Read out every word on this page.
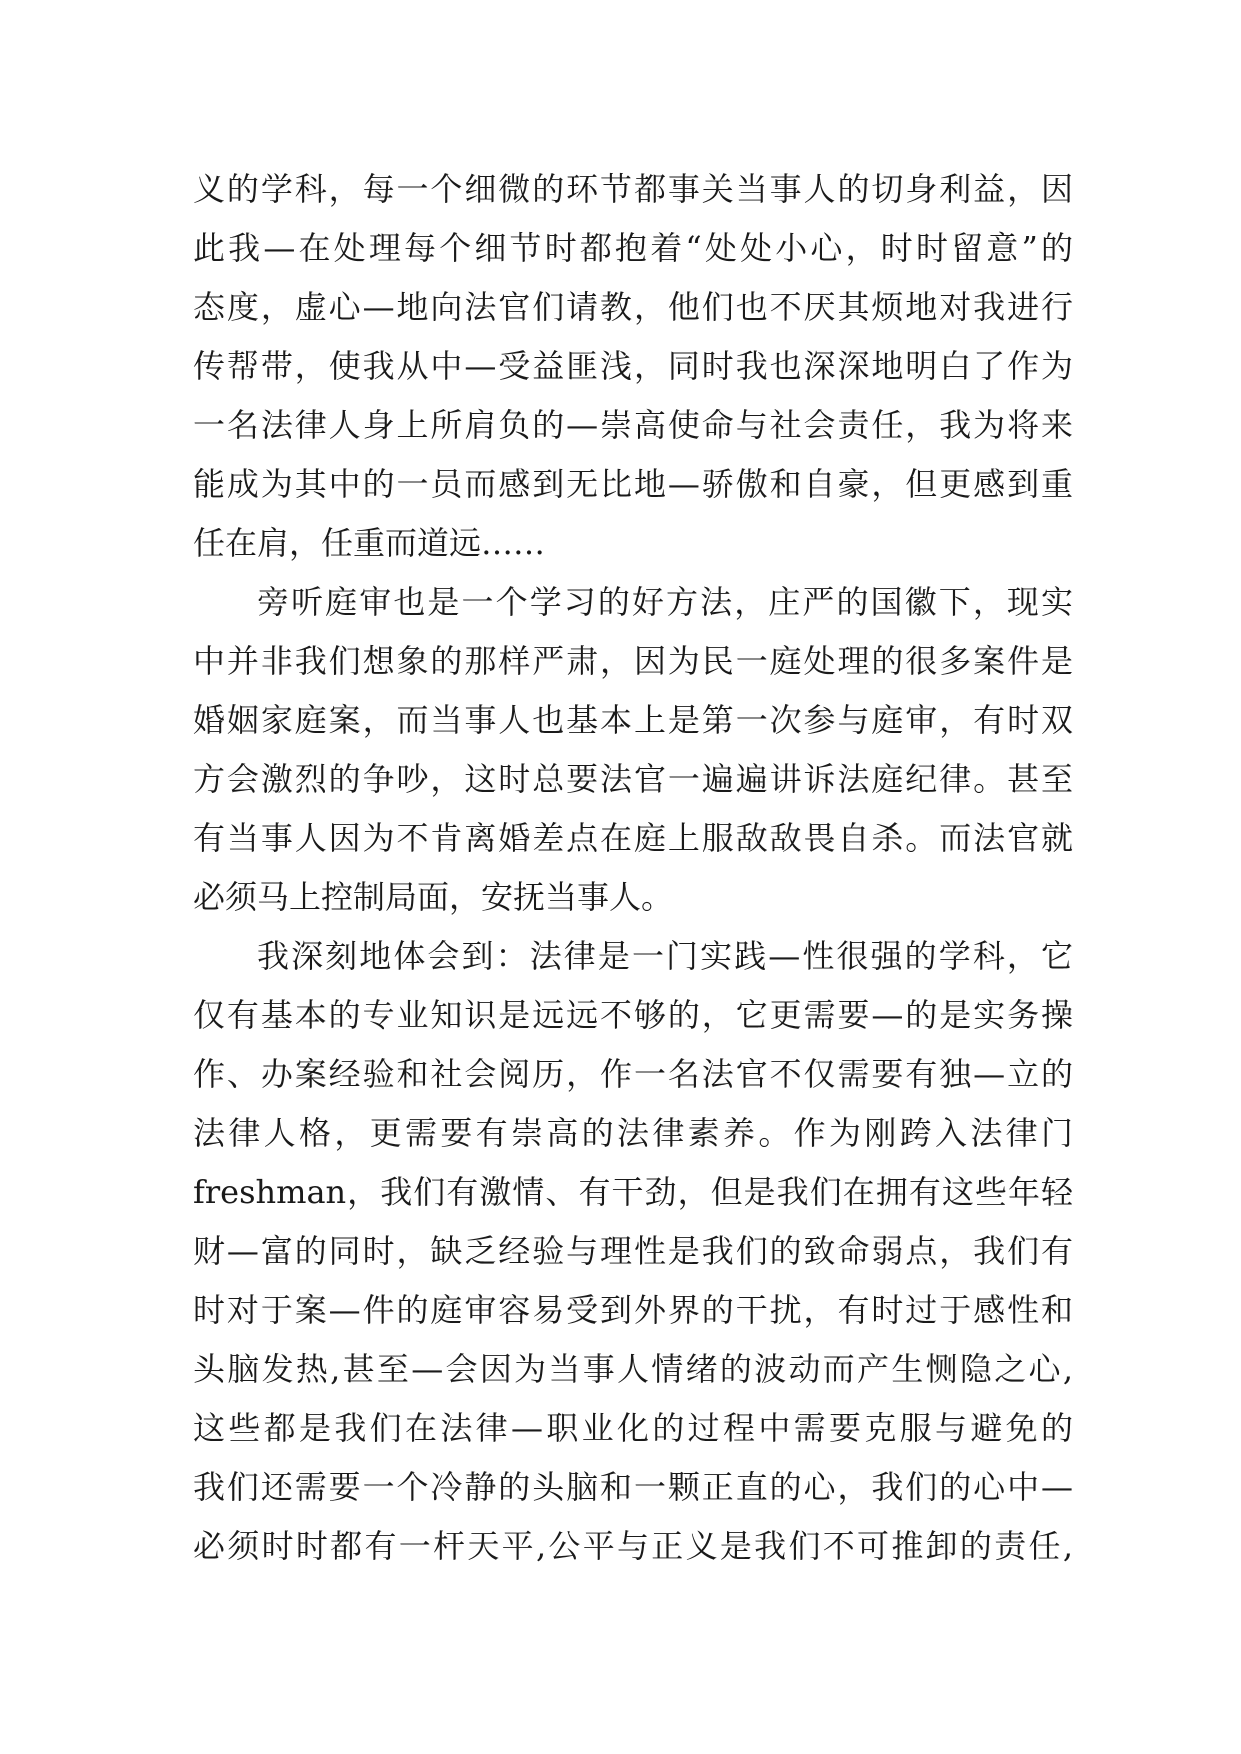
义的学科，每一个细微的环节都事关当事人的切身利益，因
此我—在处理每个细节时都抱着“处处小心，时时留意”的
态度，虚心—地向法官们请教，他们也不厌其烦地对我进行
传帮带，使我从中—受益匪浅，同时我也深深地明白了作为
一名法律人身上所肩负的—崇高使命与社会责任，我为将来
能成为其中的一员而感到无比地—骄傲和自豪，但更感到重
任在肩，任重而道远……
旁听庭审也是一个学习的好方法，庄严的国徽下，现实
中并非我们想象的那样严肃，因为民一庭处理的很多案件是
婚姻家庭案，而当事人也基本上是第一次参与庭审，有时双
方会激烈的争吵，这时总要法官一遍遍讲诉法庭纪律。甚至
有当事人因为不肯离婚差点在庭上服敌敌畏自杀。而法官就
必须马上控制局面，安抚当事人。
我深刻地体会到：法律是一门实践—性很强的学科，它
仅有基本的专业知识是远远不够的，它更需要—的是实务操
作、办案经验和社会阅历，作一名法官不仅需要有独—立的
法律人格，更需要有崇高的法律素养。作为刚跨入法律门
freshman，我们有激情、有干劲，但是我们在拥有这些年轻
财—富的同时，缺乏经验与理性是我们的致命弱点，我们有
时对于案—件的庭审容易受到外界的干扰，有时过于感性和
头脑发热,甚至—会因为当事人情绪的波动而产生恻隐之心,
这些都是我们在法律—职业化的过程中需要克服与避免的
我们还需要一个冷静的头脑和一颗正直的心，我们的心中—
必须时时都有一杆天平,公平与正义是我们不可推卸的责任,
